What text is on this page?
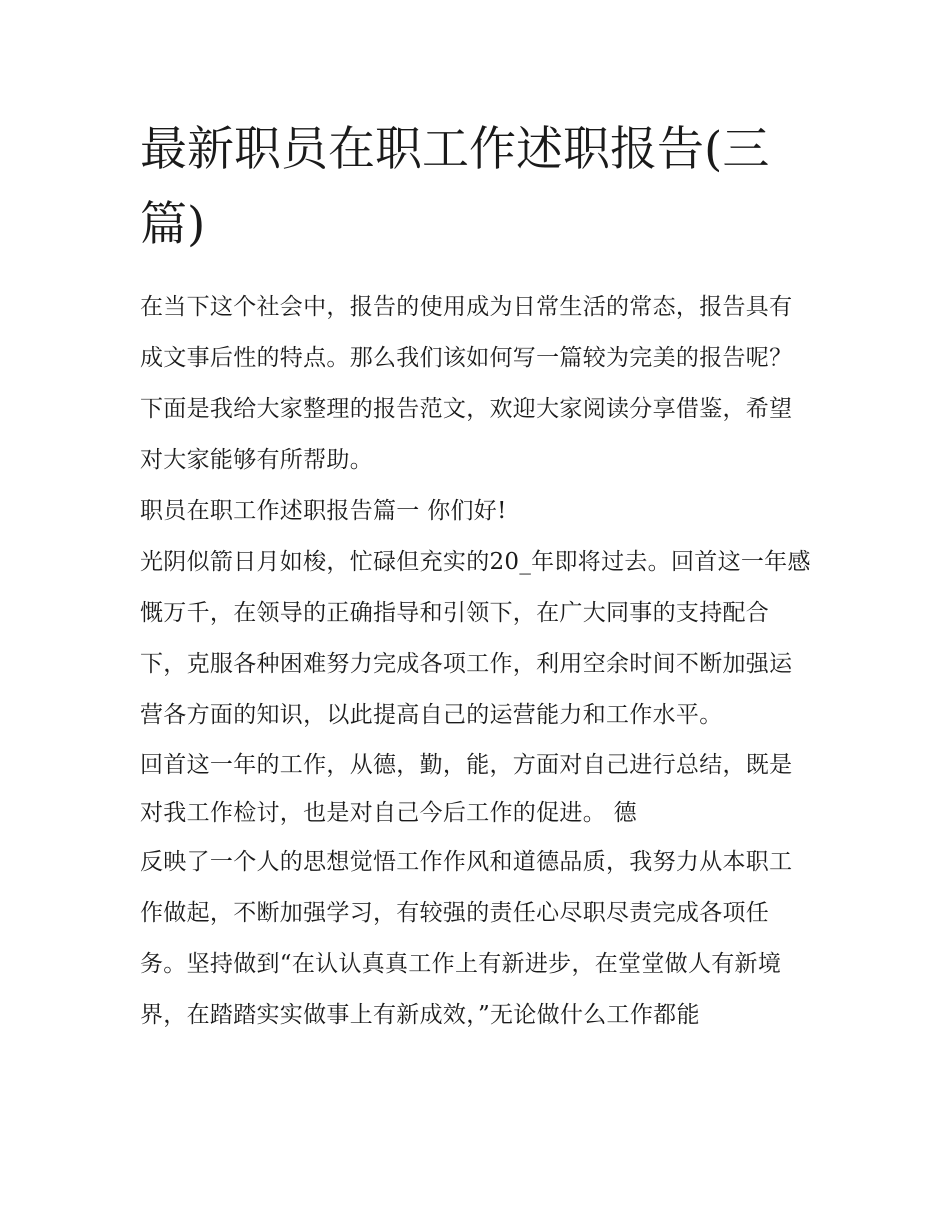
最新职员在职工作述职报告(三篇)

在当下这个社会中，报告的使用成为日常生活的常态，报告具有成文事后性的特点。那么我们该如何写一篇较为完美的报告呢？下面是我给大家整理的报告范文，欢迎大家阅读分享借鉴，希望对大家能够有所帮助。

职员在职工作述职报告篇一 你们好!

光阴似箭日月如梭，忙碌但充实的20_年即将过去。回首这一年感慨万千，在领导的正确指导和引领下，在广大同事的支持配合下，克服各种困难努力完成各项工作，利用空余时间不断加强运营各方面的知识，以此提高自己的运营能力和工作水平。

回首这一年的工作，从德，勤，能，方面对自己进行总结，既是对我工作检讨，也是对自己今后工作的促进。 德

反映了一个人的思想觉悟工作作风和道德品质，我努力从本职工作做起，不断加强学习，有较强的责任心尽职尽责完成各项任务。坚持做到“在认认真真工作上有新进步，在堂堂做人有新境界，在踏踏实实做事上有新成效，”无论做什么工作都能
